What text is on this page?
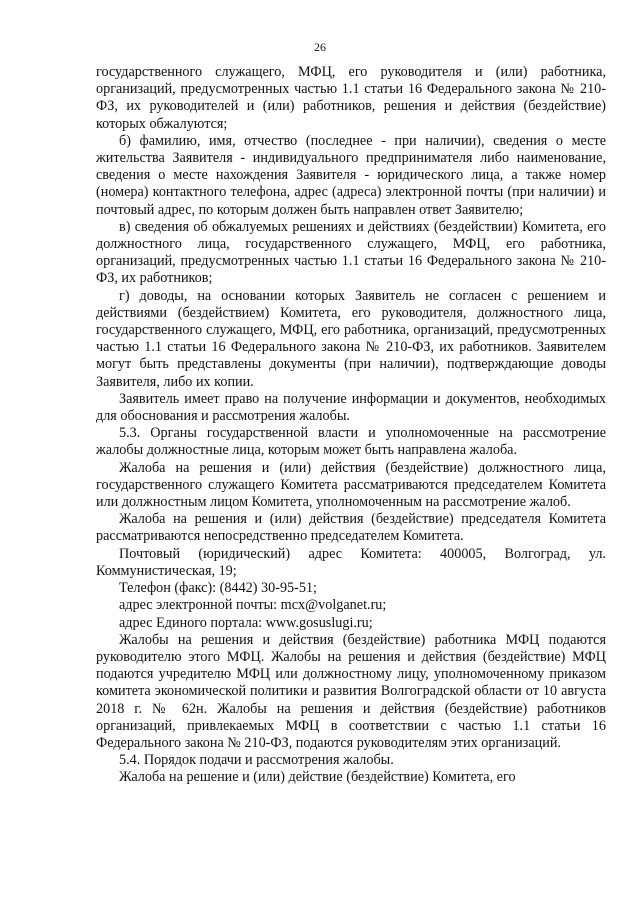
26

государственного служащего, МФЦ, его руководителя и (или) работника, организаций, предусмотренных частью 1.1 статьи 16 Федерального закона № 210-ФЗ, их руководителей и (или) работников, решения и действия (бездействие) которых обжалуются;

б) фамилию, имя, отчество (последнее - при наличии), сведения о месте жительства Заявителя - индивидуального предпринимателя либо наименование, сведения о месте нахождения Заявителя - юридического лица, а также номер (номера) контактного телефона, адрес (адреса) электронной почты (при наличии) и почтовый адрес, по которым должен быть направлен ответ Заявителю;

в) сведения об обжалуемых решениях и действиях (бездействии) Комитета, его должностного лица, государственного служащего, МФЦ, его работника, организаций, предусмотренных частью 1.1 статьи 16 Федерального закона № 210-ФЗ, их работников;

г) доводы, на основании которых Заявитель не согласен с решением и действиями (бездействием) Комитета, его руководителя, должностного лица, государственного служащего, МФЦ, его работника, организаций, предусмотренных частью 1.1 статьи 16 Федерального закона № 210-ФЗ, их работников. Заявителем могут быть представлены документы (при наличии), подтверждающие доводы Заявителя, либо их копии.

Заявитель имеет право на получение информации и документов, необходимых для обоснования и рассмотрения жалобы.

5.3. Органы государственной власти и уполномоченные на рассмотрение жалобы должностные лица, которым может быть направлена жалоба.

Жалоба на решения и (или) действия (бездействие) должностного лица, государственного служащего Комитета рассматриваются председателем Комитета или должностным лицом Комитета, уполномоченным на рассмотрение жалоб.

Жалоба на решения и (или) действия (бездействие) председателя Комитета рассматриваются непосредственно председателем Комитета.

Почтовый (юридический) адрес Комитета: 400005, Волгоград, ул. Коммунистическая, 19;

Телефон (факс): (8442) 30-95-51;

адрес электронной почты: mcx@volganet.ru;

адрес Единого портала: www.gosuslugi.ru;

Жалобы на решения и действия (бездействие) работника МФЦ подаются руководителю этого МФЦ. Жалобы на решения и действия (бездействие) МФЦ подаются учредителю МФЦ или должностному лицу, уполномоченному приказом комитета экономической политики и развития Волгоградской области от 10 августа 2018 г. № 62н. Жалобы на решения и действия (бездействие) работников организаций, привлекаемых МФЦ в соответствии с частью 1.1 статьи 16 Федерального закона № 210-ФЗ, подаются руководителям этих организаций.

5.4. Порядок подачи и рассмотрения жалобы.

Жалоба на решение и (или) действие (бездействие) Комитета, его
